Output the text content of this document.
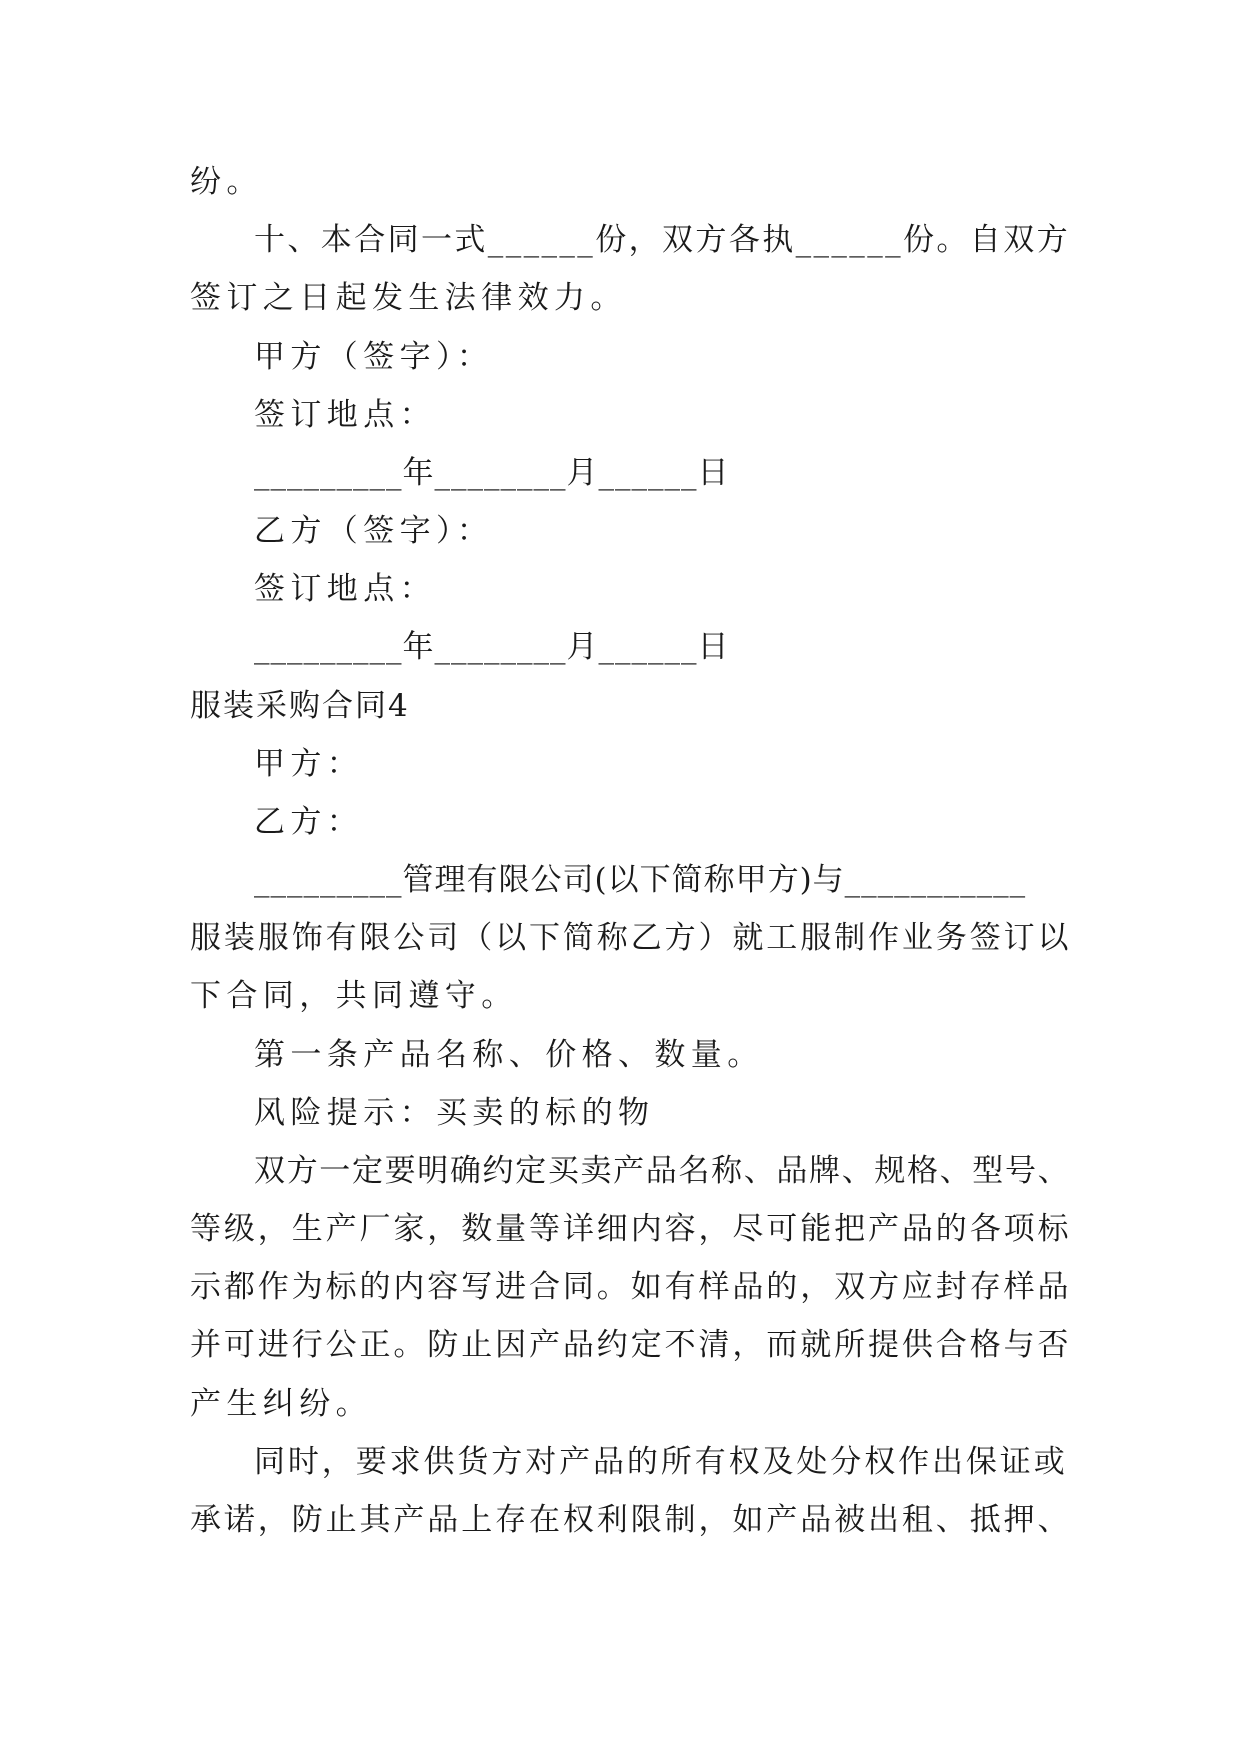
纷。
十、本合同一式______份，双方各执______份。自双方
签订之日起发生法律效力。
甲方（签字）：
签订地点：
_________年________月______日
乙方（签字）：
签订地点：
_________年________月______日
服装采购合同4
甲方：
乙方：
_________管理有限公司(以下简称甲方)与___________
服装服饰有限公司（以下简称乙方）就工服制作业务签订以
下合同，共同遵守。
第一条产品名称、价格、数量。
风险提示：买卖的标的物
双方一定要明确约定买卖产品名称、品牌、规格、型号、
等级，生产厂家，数量等详细内容，尽可能把产品的各项标
示都作为标的内容写进合同。如有样品的，双方应封存样品
并可进行公正。防止因产品约定不清，而就所提供合格与否
产生纠纷。
同时，要求供货方对产品的所有权及处分权作出保证或
承诺，防止其产品上存在权利限制，如产品被出租、抵押、
